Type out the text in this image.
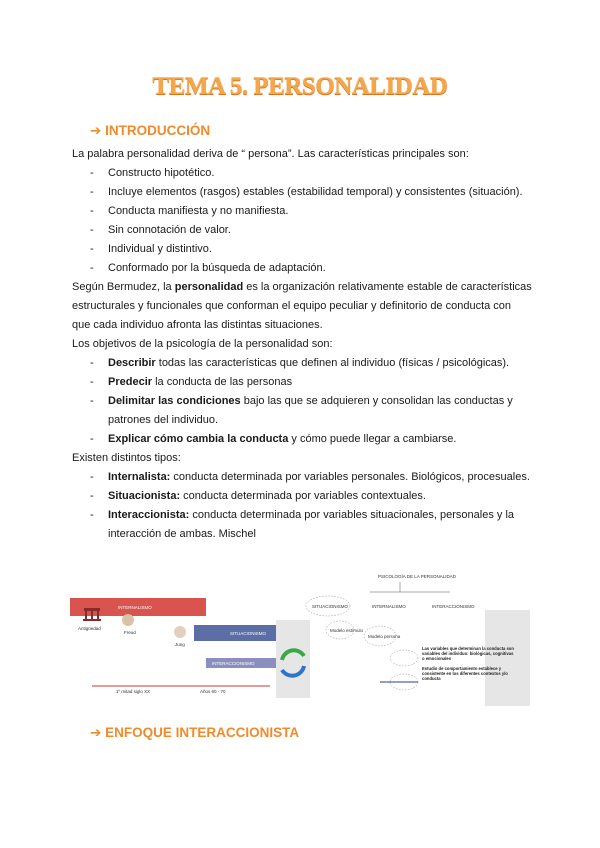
TEMA 5. PERSONALIDAD
➔ INTRODUCCIÓN

La palabra personalidad deriva de “ persona”. Las características principales son:

- Constructo hipotético.
- Incluye elementos (rasgos) estables (estabilidad temporal) y consistentes (situación).
- Conducta manifiesta y no manifiesta.
- Sin connotación de valor.
- Individual y distintivo.
- Conformado por la búsqueda de adaptación.

Según Bermudez, la personalidad es la organización relativamente estable de características estructurales y funcionales que conforman el equipo peculiar y definitorio de conducta con que cada individuo afronta las distintas situaciones.

Los objetivos de la psicología de la personalidad son:

- Describir todas las características que definen al individuo (físicas / psicológicas).
- Predecir la conducta de las personas
- Delimitar las condiciones bajo las que se adquieren y consolidan las conductas y patrones del individuo.
- Explicar cómo cambia la conducta y cómo puede llegar a cambiarse.

Existen distintos tipos:

- Internalista: conducta determinada por variables personales. Biológicos, procesuales.
- Situacionista: conducta determinada por variables contextuales.
- Interaccionista: conducta determinada por variables situacionales, personales y la interacción de ambas. Mischel
INTERNALISMO
SITUACIONISMO
INTERACCIONISMO
Antigüedad
Freud
Jung
1º mitad siglo XX	Años 60 - 70
PSICOLOGÍA DE LA PERSONALIDAD
SITUACIONISMO	INTERNALISMO	INTERACCIONISMO
Modelo estímulo
Modelo persona
Las variables que determinan la conducta son variables del individuo: biológicas, cognitivas o emocionales
Estudio de comportamiento establece y consistente en los diferentes contextos y/o conducta
➔ ENFOQUE INTERACCIONISTA
